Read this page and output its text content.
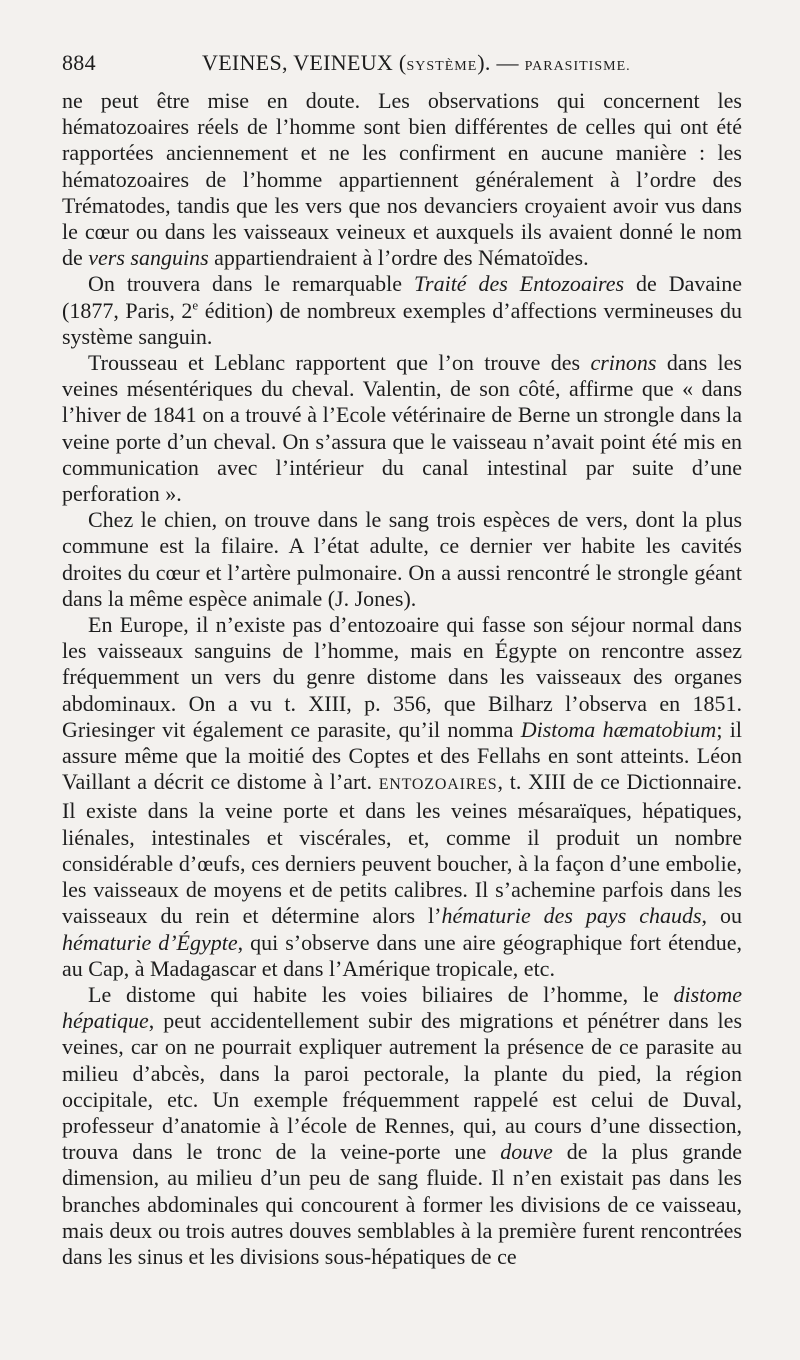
884	VEINES, VEINEUX (SYSTÈME). — PARASITISME.

ne peut être mise en doute. Les observations qui concernent les hématozoaires réels de l’homme sont bien différentes de celles qui ont été rapportées anciennement et ne les confirment en aucune manière : les hématozoaires de l’homme appartiennent généralement à l’ordre des Trématodes, tandis que les vers que nos devanciers croyaient avoir vus dans le cœur ou dans les vaisseaux veineux et auxquels ils avaient donné le nom de vers sanguins appartiendraient à l’ordre des Nématoïdes.

On trouvera dans le remarquable Traité des Entozoaires de Davaine (1877, Paris, 2e édition) de nombreux exemples d’affections vermineuses du système sanguin.

Trousseau et Leblanc rapportent que l’on trouve des crinons dans les veines mésentériques du cheval. Valentin, de son côté, affirme que « dans l’hiver de 1841 on a trouvé à l’Ecole vétérinaire de Berne un strongle dans la veine porte d’un cheval. On s’assura que le vaisseau n’avait point été mis en communication avec l’intérieur du canal intestinal par suite d’une perforation ».

Chez le chien, on trouve dans le sang trois espèces de vers, dont la plus commune est la filaire. A l’état adulte, ce dernier ver habite les cavités droites du cœur et l’artère pulmonaire. On a aussi rencontré le strongle géant dans la même espèce animale (J. Jones).

En Europe, il n’existe pas d’entozoaire qui fasse son séjour normal dans les vaisseaux sanguins de l’homme, mais en Égypte on rencontre assez fréquemment un vers du genre distome dans les vaisseaux des organes abdominaux. On a vu t. XIII, p. 356, que Bilharz l’observa en 1851. Griesinger vit également ce parasite, qu’il nomma Distoma hæmatobium; il assure même que la moitié des Coptes et des Fellahs en sont atteints. Léon Vaillant a décrit ce distome à l’art. ENTOZOAIRES, t. XIII de ce Dictionnaire. Il existe dans la veine porte et dans les veines mésaraïques, hépatiques, liénales, intestinales et viscérales, et, comme il produit un nombre considérable d’œufs, ces derniers peuvent boucher, à la façon d’une embolie, les vaisseaux de moyens et de petits calibres. Il s’achemine parfois dans les vaisseaux du rein et détermine alors l’hématurie des pays chauds, ou hématurie d’Égypte, qui s’observe dans une aire géographique fort étendue, au Cap, à Madagascar et dans l’Amérique tropicale, etc.

Le distome qui habite les voies biliaires de l’homme, le distome hépatique, peut accidentellement subir des migrations et pénétrer dans les veines, car on ne pourrait expliquer autrement la présence de ce parasite au milieu d’abcès, dans la paroi pectorale, la plante du pied, la région occipitale, etc. Un exemple fréquemment rappelé est celui de Duval, professeur d’anatomie à l’école de Rennes, qui, au cours d’une dissection, trouva dans le tronc de la veine-porte une douve de la plus grande dimension, au milieu d’un peu de sang fluide. Il n’en existait pas dans les branches abdominales qui concourent à former les divisions de ce vaisseau, mais deux ou trois autres douves semblables à la première furent rencontrées dans les sinus et les divisions sous-hépatiques de ce
